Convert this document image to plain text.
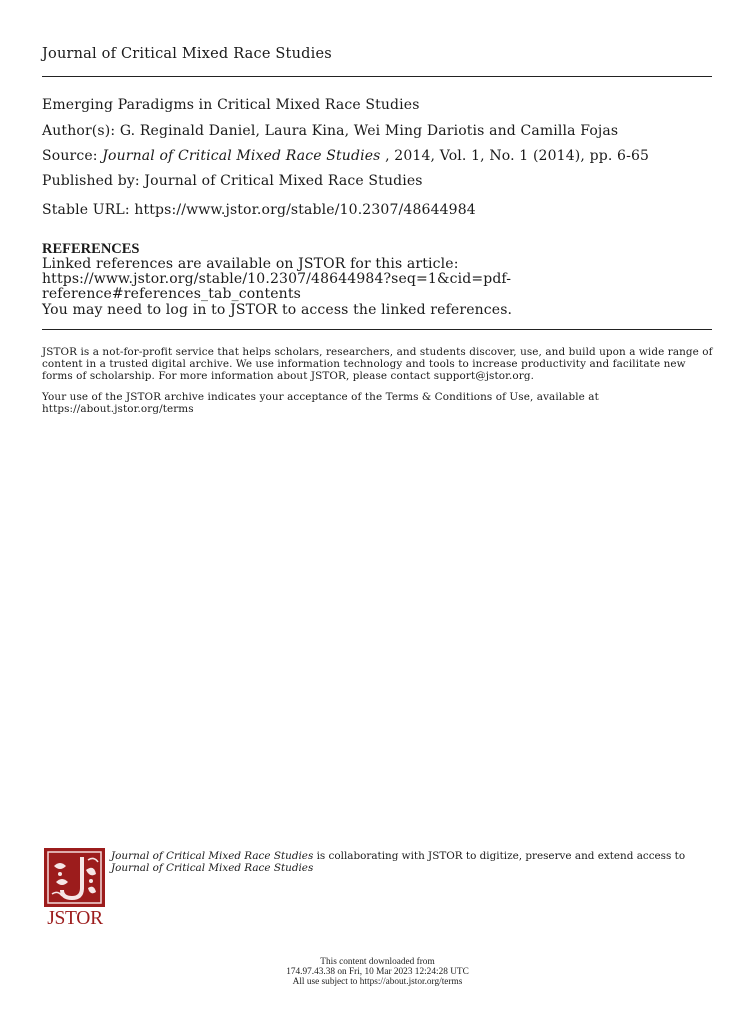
Journal of Critical Mixed Race Studies
Emerging Paradigms in Critical Mixed Race Studies
Author(s): G. Reginald Daniel, Laura Kina, Wei Ming Dariotis and Camilla Fojas
Source: Journal of Critical Mixed Race Studies , 2014, Vol. 1, No. 1 (2014), pp. 6-65
Published by: Journal of Critical Mixed Race Studies
Stable URL: https://www.jstor.org/stable/10.2307/48644984
REFERENCES
Linked references are available on JSTOR for this article:
https://www.jstor.org/stable/10.2307/48644984?seq=1&cid=pdf-
reference#references_tab_contents
You may need to log in to JSTOR to access the linked references.
JSTOR is a not-for-profit service that helps scholars, researchers, and students discover, use, and build upon a wide range of content in a trusted digital archive. We use information technology and tools to increase productivity and facilitate new forms of scholarship. For more information about JSTOR, please contact support@jstor.org.
Your use of the JSTOR archive indicates your acceptance of the Terms & Conditions of Use, available at https://about.jstor.org/terms
JSTOR
Journal of Critical Mixed Race Studies is collaborating with JSTOR to digitize, preserve and extend access to Journal of Critical Mixed Race Studies
This content downloaded from
174.97.43.38 on Fri, 10 Mar 2023 12:24:28 UTC
All use subject to https://about.jstor.org/terms
